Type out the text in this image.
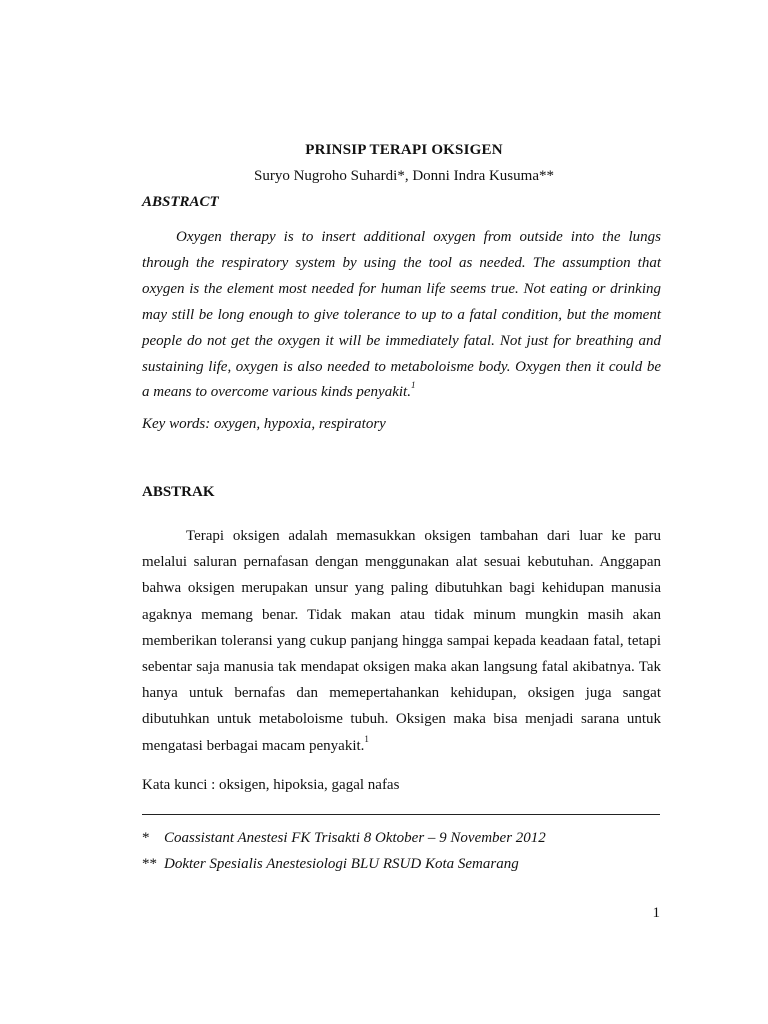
PRINSIP TERAPI OKSIGEN
Suryo Nugroho Suhardi*, Donni Indra Kusuma**
ABSTRACT

Oxygen therapy is to insert additional oxygen from outside into the lungs through the respiratory system by using the tool as needed. The assumption that oxygen is the element most needed for human life seems true. Not eating or drinking may still be long enough to give tolerance to up to a fatal condition, but the moment people do not get the oxygen it will be immediately fatal. Not just for breathing and sustaining life, oxygen is also needed to metaboloisme body. Oxygen then it could be a means to overcome various kinds penyakit.$^1$

Key words: oxygen, hypoxia, respiratory
ABSTRAK

Terapi oksigen adalah memasukkan oksigen tambahan dari luar ke paru melalui saluran pernafasan dengan menggunakan alat sesuai kebutuhan. Anggapan bahwa oksigen merupakan unsur yang paling dibutuhkan bagi kehidupan manusia agaknya memang benar. Tidak makan atau tidak minum mungkin masih akan memberikan toleransi yang cukup panjang hingga sampai kepada keadaan fatal, tetapi sebentar saja manusia tak mendapat oksigen maka akan langsung fatal akibatnya. Tak hanya untuk bernafas dan memepertahankan kehidupan, oksigen juga sangat dibutuhkan untuk metaboloisme tubuh. Oksigen maka bisa menjadi sarana untuk mengatasi berbagai macam penyakit.$^1$

Kata kunci : oksigen, hipoksia, gagal nafas
* Coassistant Anestesi FK Trisakti 8 Oktober – 9 November 2012
** Dokter Spesialis Anestesiologi BLU RSUD Kota Semarang
1
